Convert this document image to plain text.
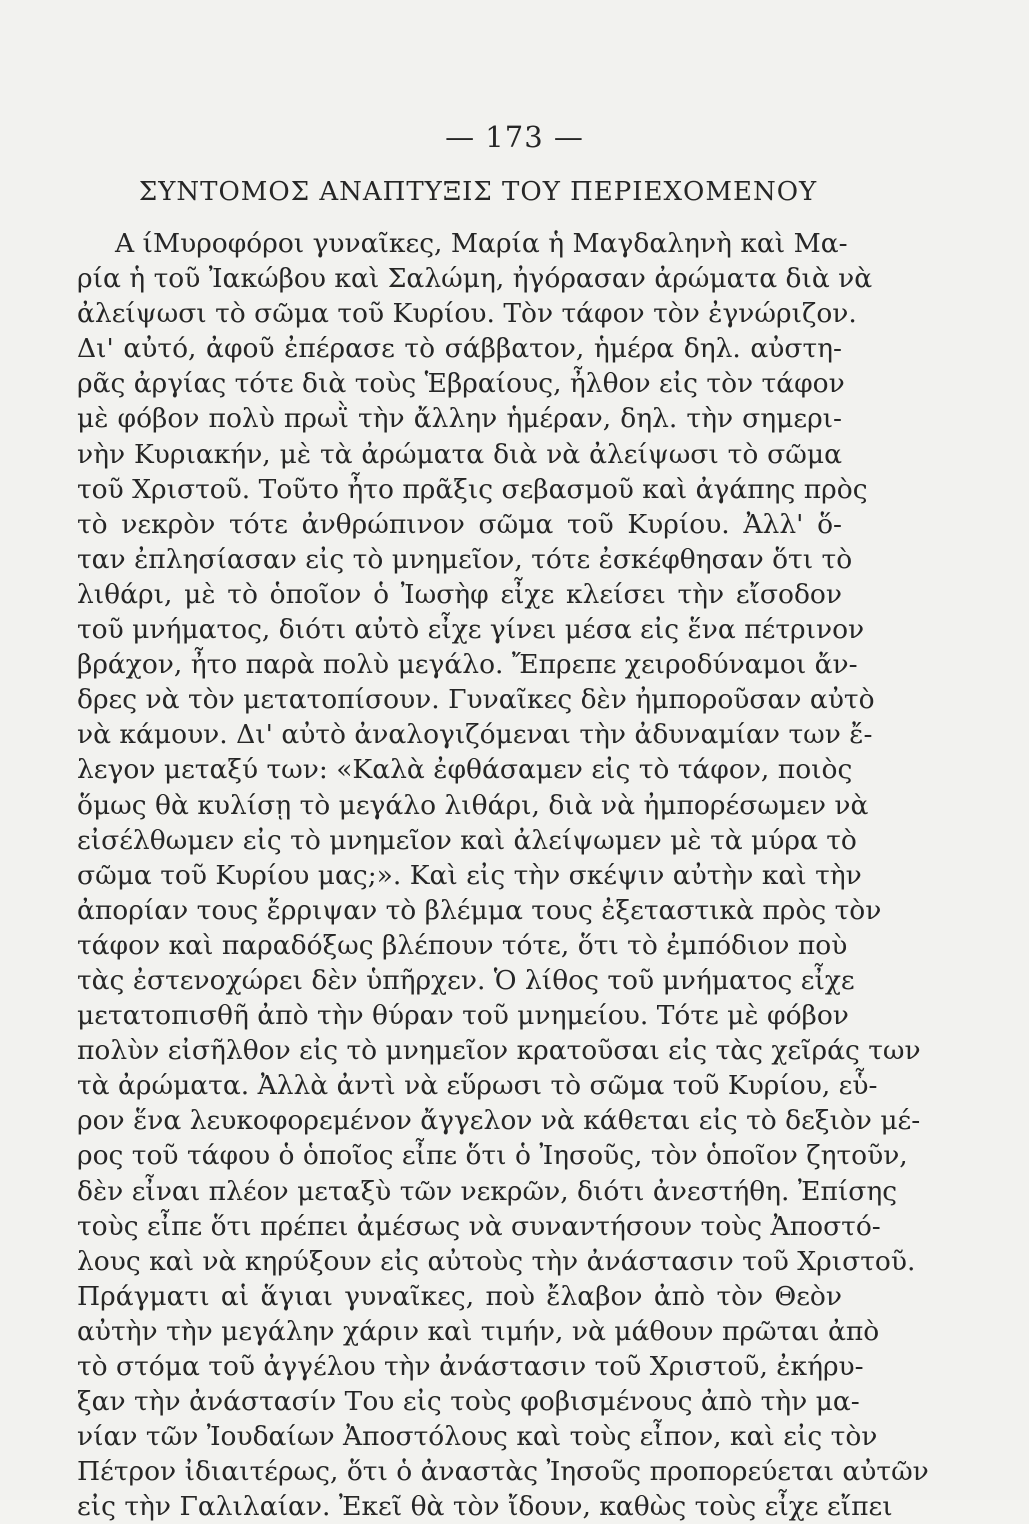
— 173 —
ΣΥΝΤΟΜΟΣ ΑΝΑΠΤΥΞΙΣ ΤΟΥ ΠΕΡΙΕΧΟΜΕΝΟΥ
Α ίΜυροφόροι γυναῖκες, Μαρία ἡ Μαγδαληνὴ καὶ Μα-
ρία ἡ τοῦ Ἰακώβου καὶ Σαλώμη, ἠγόρασαν ἀρώματα διὰ νὰ
ἀλείψωσι τὸ σῶμα τοῦ Κυρίου. Τὸν τάφον τὸν ἐγνώριζον.
Δι' αὐτό, ἀφοῦ ἐπέρασε τὸ σάββατον, ἡμέρα δηλ. αὐστη-
ρᾶς ἀργίας τότε διὰ τοὺς Ἑβραίους, ἦλθον εἰς τὸν τάφον
μὲ φόβον πολὺ πρωῒ τὴν ἄλλην ἡμέραν, δηλ. τὴν σημερι-
νὴν Κυριακήν, μὲ τὰ ἀρώματα διὰ νὰ ἀλείψωσι τὸ σῶμα
τοῦ Χριστοῦ. Τοῦτο ἦτο πρᾶξις σεβασμοῦ καὶ ἀγάπης πρὸς
τὸ νεκρὸν τότε ἀνθρώπινον σῶμα τοῦ Κυρίου. Ἀλλ' ὅ-
ταν ἐπλησίασαν εἰς τὸ μνημεῖον, τότε ἐσκέφθησαν ὅτι τὸ
λιθάρι, μὲ τὸ ὁποῖον ὁ Ἰωσὴφ εἶχε κλείσει τὴν εἴσοδον
τοῦ μνήματος, διότι αὐτὸ εἶχε γίνει μέσα εἰς ἕνα πέτρινον
βράχον, ἦτο παρὰ πολὺ μεγάλο. Ἔπρεπε χειροδύναμοι ἄν-
δρες νὰ τὸν μετατοπίσουν. Γυναῖκες δὲν ἠμποροῦσαν αὐτὸ
νὰ κάμουν. Δι' αὐτὸ ἀναλογιζόμεναι τὴν ἀδυναμίαν των ἔ-
λεγον μεταξύ των: «Καλὰ ἐφθάσαμεν εἰς τὸ τάφον, ποιὸς
ὅμως θὰ κυλίσῃ τὸ μεγάλο λιθάρι, διὰ νὰ ἠμπορέσωμεν νὰ
εἰσέλθωμεν εἰς τὸ μνημεῖον καὶ ἀλείψωμεν μὲ τὰ μύρα τὸ
σῶμα τοῦ Κυρίου μας;». Καὶ εἰς τὴν σκέψιν αὐτὴν καὶ τὴν
ἀπορίαν τους ἔρριψαν τὸ βλέμμα τους ἐξεταστικὰ πρὸς τὸν
τάφον καὶ παραδόξως βλέπουν τότε, ὅτι τὸ ἐμπόδιον ποὺ
τὰς ἐστενοχώρει δὲν ὑπῆρχεν. Ὁ λίθος τοῦ μνήματος εἶχε
μετατοπισθῆ ἀπὸ τὴν θύραν τοῦ μνημείου. Τότε μὲ φόβον
πολὺν εἰσῆλθον εἰς τὸ μνημεῖον κρατοῦσαι εἰς τὰς χεῖράς των
τὰ ἀρώματα. Ἀλλὰ ἀντὶ νὰ εὕρωσι τὸ σῶμα τοῦ Κυρίου, εὗ-
ρον ἕνα λευκοφορεμένον ἄγγελον νὰ κάθεται εἰς τὸ δεξιὸν μέ-
ρος τοῦ τάφου ὁ ὁποῖος εἶπε ὅτι ὁ Ἰησοῦς, τὸν ὁποῖον ζητοῦν,
δὲν εἶναι πλέον μεταξὺ τῶν νεκρῶν, διότι ἀνεστήθη. Ἐπίσης
τοὺς εἶπε ὅτι πρέπει ἀμέσως νὰ συναντήσουν τοὺς Ἀποστό-
λους καὶ νὰ κηρύξουν εἰς αὐτοὺς τὴν ἀνάστασιν τοῦ Χριστοῦ.
Πράγματι αἱ ἅγιαι γυναῖκες, ποὺ ἔλαβον ἀπὸ τὸν Θεὸν
αὐτὴν τὴν μεγάλην χάριν καὶ τιμήν, νὰ μάθουν πρῶται ἀπὸ
τὸ στόμα τοῦ ἀγγέλου τὴν ἀνάστασιν τοῦ Χριστοῦ, ἐκήρυ-
ξαν τὴν ἀνάστασίν Του εἰς τοὺς φοβισμένους ἀπὸ τὴν μα-
νίαν τῶν Ἰουδαίων Ἀποστόλους καὶ τοὺς εἶπον, καὶ εἰς τὸν
Πέτρον ἰδιαιτέρως, ὅτι ὁ ἀναστὰς Ἰησοῦς προπορεύεται αὐτῶν
εἰς τὴν Γαλιλαίαν. Ἐκεῖ θὰ τὸν ἴδουν, καθὼς τοὺς εἶχε εἴπει
